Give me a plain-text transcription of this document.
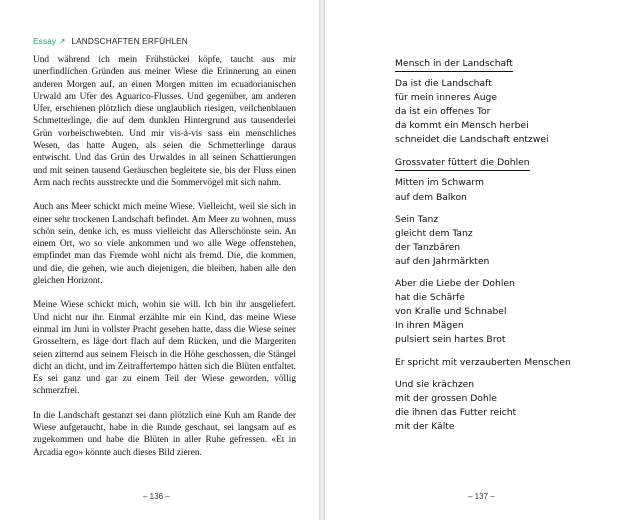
Essay ↗ LANDSCHAFTEN ERFÜHLEN

Und während ich mein Frühstückei köpfe, taucht aus mir unerfindlichen Gründen aus meiner Wiese die Erinnerung an einen anderen Morgen auf, an einen Morgen mitten im ecuadorianischen Urwald am Ufer des Aguarico-Flusses. Und gegenüber, am anderen Ufer, erschienen plötzlich diese unglaublich riesigen, veilchenblauen Schmetterlinge, die auf dem dunklen Hintergrund aus tausenderlei Grün vorbeischwebten. Und mir vis-à-vis sass ein menschliches Wesen, das hatte Augen, als seien die Schmetterlinge daraus entwischt. Und das Grün des Urwaldes in all seinen Schattierungen und mit seinen tausend Geräuschen begleitete sie, bis der Fluss einen Arm nach rechts ausstreckte und die Sommervögel mit sich nahm.

Auch ans Meer schickt mich meine Wiese. Vielleicht, weil sie sich in einer sehr trockenen Landschaft befindet. Am Meer zu wohnen, muss schön sein, denke ich, es muss vielleicht das Allerschönste sein. An einem Ort, wo so viele ankommen und wo alle Wege offenstehen, empfindet man das Fremde wohl nicht als fremd. Die, die kommen, und die, die gehen, wie auch diejenigen, die bleiben, haben alle den gleichen Horizont.

Meine Wiese schickt mich, wohin sie will. Ich bin ihr ausgeliefert. Und nicht nur ihr. Einmal erzählte mir ein Kind, das meine Wiese einmal im Juni in vollster Pracht gesehen hatte, dass die Wiese seiner Grosseltern, es läge dort flach auf dem Rücken, und die Margeriten seien zitternd aus seinem Fleisch in die Höhe geschossen, die Stängel dicht an dicht, und im Zeitraffertempo hätten sich die Blüten entfaltet. Es sei ganz und gar zu einem Teil der Wiese geworden, völlig schmerzfrei.

In die Landschaft gestanzt sei dann plötzlich eine Kuh am Rande der Wiese aufgetaucht, habe in die Runde geschaut, sei langsam auf es zugekommen und habe die Blüten in aller Ruhe gefressen. «Et in Arcadia ego» könnte auch dieses Bild zieren.

– 136 –
Mensch in der Landschaft
Da ist die Landschaft
für mein inneres Auge
da ist ein offenes Tor
da kommt ein Mensch herbei
schneidet die Landschaft entzwei
Grossvater füttert die Dohlen
Mitten im Schwarm
auf dem Balkon
Sein Tanz
gleicht dem Tanz
der Tanzbären
auf den Jahrmärkten
Aber die Liebe der Dohlen
hat die Schärfe
von Kralle und Schnabel
In ihren Mägen
pulsiert sein hartes Brot
Er spricht mit verzauberten Menschen
Und sie krächzen
mit der grossen Dohle
die ihnen das Futter reicht
mit der Kälte
– 137 –
